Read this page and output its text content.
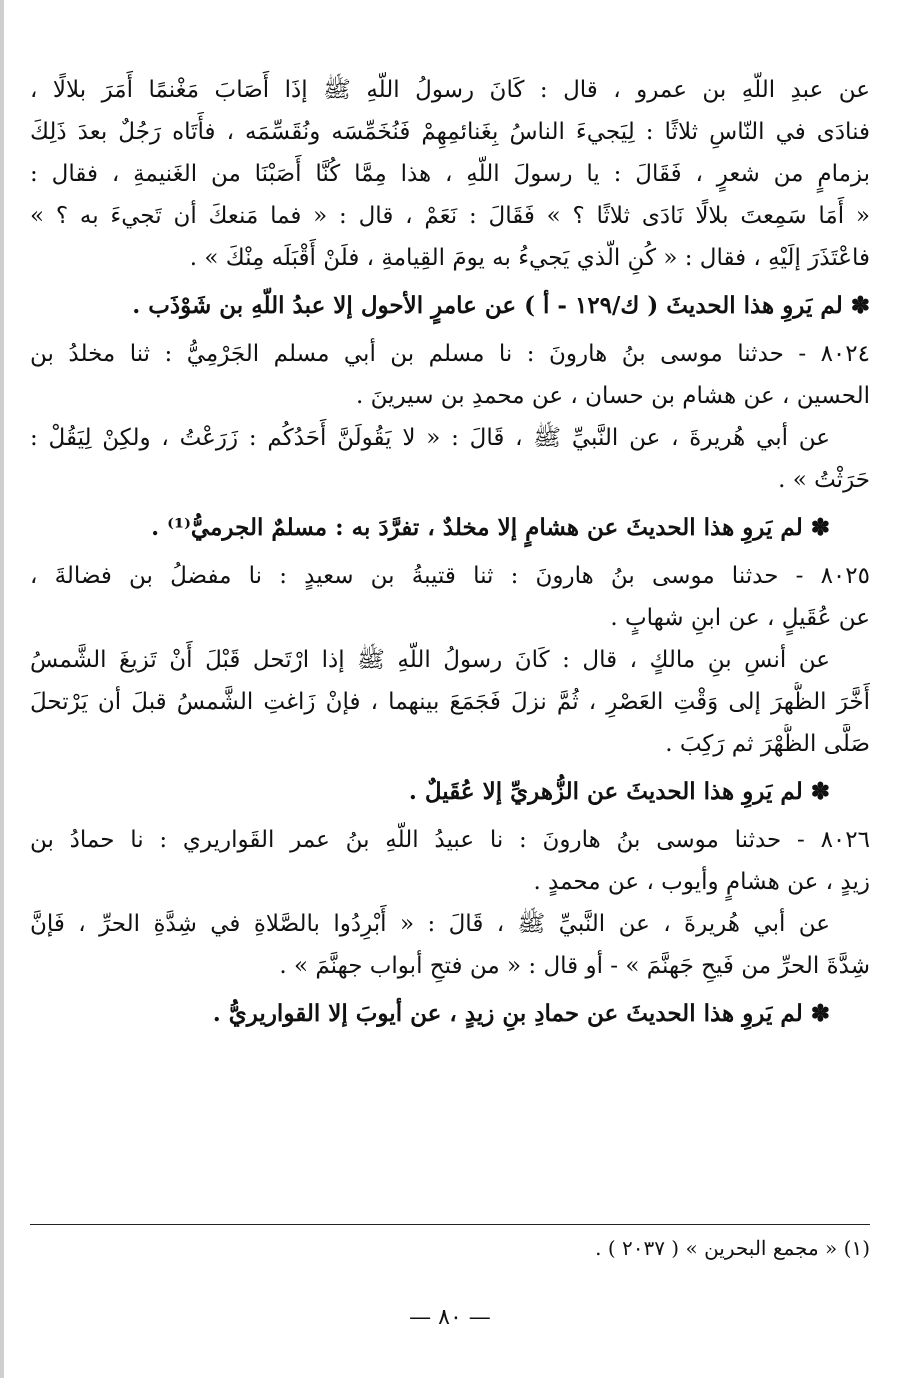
عن عبدِ اللّهِ بن عمرو ، قال : كَانَ رسولُ اللّهِ ﷺ إذَا أَصَابَ مَغْنمًا أَمَرَ بلالًا ،
فنادَى في النّاسِ ثلاثًا : لِيَجيءَ الناسُ بِغَنائمِهِمْ فَنُخَمِّسَه ونُقَسِّمَه ، فأَتَاه رَجُلٌ بعدَ ذَلِكَ
بزمامٍ من شعرٍ ، فَقَالَ : يا رسولَ اللّهِ ، هذا مِمَّا كُنَّا أَصَبْنَا من الغَنيمةِ ، فقال :
« أَمَا سَمِعتَ بلالًا نَادَى ثلاثًا ؟ » فَقَالَ : نَعَمْ ، قال : « فما مَنعكَ أن تَجيءَ به ؟ »
فاعْتَذَرَ إلَيْهِ ، فقال : « كُنِ الّذي يَجيءُ به يومَ القِيامةِ ، فلَنْ أَقْبَلَه مِنْكَ » .
✽ لم يَروِ هذا الحديثَ ( ك/١٢٩ - أ ) عن عامرٍ الأحول إلا عبدُ اللّهِ بن شَوْذَب .
٨٠٢٤ - حدثنا موسى بنُ هارونَ : نا مسلم بن أبي مسلم الجَرْمِيُّ : ثنا مخلدُ بن
الحسين ، عن هشام بن حسان ، عن محمدِ بن سيرينَ .
عن أبي هُريرةَ ، عن النَّبيِّ ﷺ ، قَالَ : « لا يَقُولَنَّ أَحَدُكُم : زَرَعْتُ ، ولكِنْ لِيَقُلْ :
حَرَثْتُ » .
✽ لم يَروِ هذا الحديثَ عن هشامٍ إلا مخلدٌ ، تفرَّدَ به : مسلمٌ الجرميُّ⁽¹⁾ .
٨٠٢٥ - حدثنا موسى بنُ هارونَ : ثنا قتيبةُ بن سعيدٍ : نا مفضلُ بن فضالةَ ،
عن عُقَيلٍ ، عن ابنِ شهابٍ .
عن أنسِ بنِ مالكٍ ، قال : كَانَ رسولُ اللّهِ ﷺ إذا ارْتَحل قَبْلَ أَنْ تَزيغَ الشَّمسُ
أَخَّرَ الظُّهرَ إلى وَقْتِ العَصْرِ ، ثُمَّ نزلَ فَجَمَعَ بينهما ، فإنْ زَاغتِ الشَّمسُ قبلَ أن يَرْتحلَ
صَلَّى الظُّهْرَ ثم رَكِبَ .
✽ لم يَروِ هذا الحديثَ عن الزُّهريِّ إلا عُقَيلٌ .
٨٠٢٦ - حدثنا موسى بنُ هارونَ : نا عبيدُ اللّهِ بنُ عمر القَواريري : نا حمادُ بن
زيدٍ ، عن هشامٍ وأيوب ، عن محمدٍ .
عن أبي هُريرةَ ، عن النَّبيِّ ﷺ ، قَالَ : « أَبْرِدُوا بالصَّلاةِ في شِدَّةِ الحرِّ ، فَإنَّ
شِدَّةَ الحرِّ من فَيحِ جَهنَّمَ » - أو قال : « من فتحِ أبواب جهنَّمَ » .
✽ لم يَروِ هذا الحديثَ عن حمادِ بنِ زيدٍ ، عن أيوبَ إلا القواريريُّ .
(١) « مجمع البحرين » ( ٢٠٣٧ ) .
— ٨٠ —
